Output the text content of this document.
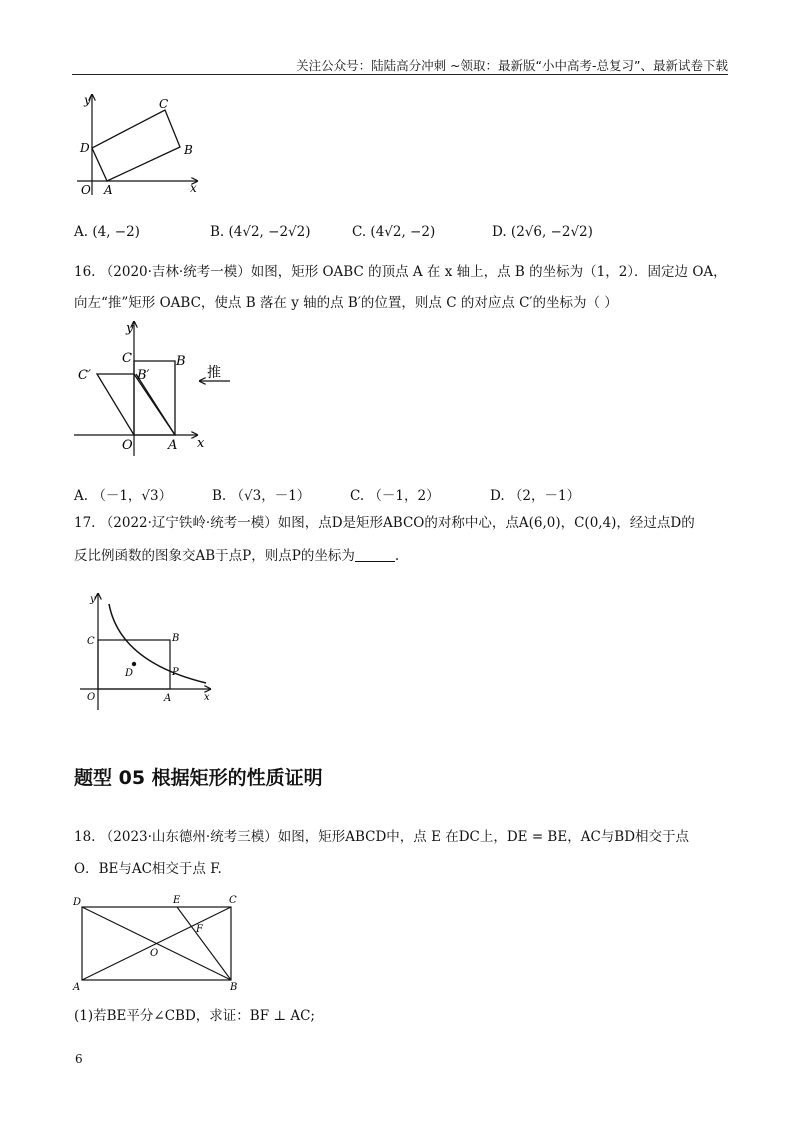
关注公众号：陆陆高分冲刺 ~领取：最新版“小中高考-总复习”、最新试卷下载
y
x
C
D	B
O A
A. (4, −2)	B. (4√2, −2√2)	C. (4√2, −2)	D. (2√6, −2√2)
16. （2020·吉林·统考一模）如图，矩形 OABC 的顶点 A 在 x 轴上，点 B 的坐标为（1，2）．固定边 OA，
向左“推”矩形 OABC，使点 B 落在 y 轴的点 B′的位置，则点 C 的对应点 C′的坐标为（ ）
y
C	B
C′	B′	推
O	A x
A. （－1，√3）	B. （√3，－1）	C. （－1，2）	D. （2，－1）
17. （2022·辽宁铁岭·统考一模）如图，点D是矩形ABCO的对称中心，点A(6,0)，C(0,4)，经过点D的
反比例函数的图象交AB于点P，则点P的坐标为	.
y
C	B
D	P
O	A	x
题型 05 根据矩形的性质证明
18. （2023·山东德州·统考三模）如图，矩形ABCD中，点 E 在DC上，DE = BE，AC与BD相交于点
O．BE与AC相交于点 F.
D	E	C
F
O
A	B
(1)若BE平分∠CBD，求证：BF ⊥ AC;
6
